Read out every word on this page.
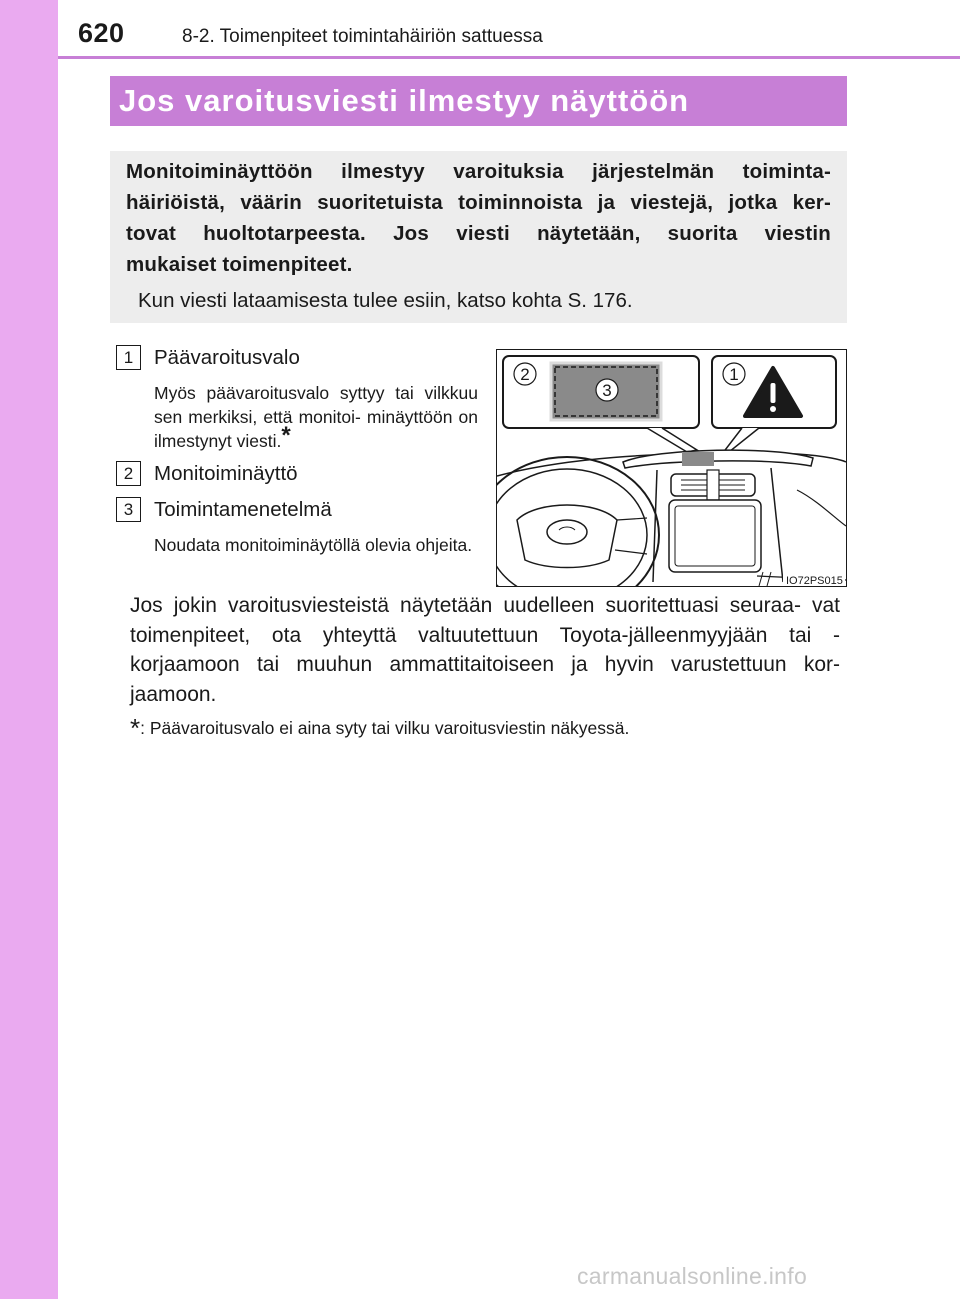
620	8-2. Toimenpiteet toimintahäiriön sattuessa
Jos varoitusviesti ilmestyy näyttöön

Monitoiminäyttöön ilmestyy varoituksia järjestelmän toiminta-
häiriöistä, väärin suoritetuista toiminnoista ja viestejä, jotka ker-
tovat huoltotarpeesta. Jos viesti näytetään, suorita viestin
mukaiset toimenpiteet.

Kun viesti lataamisesta tulee esiin, katso kohta S. 176.

1	Päävaroitusvalo

Myös päävaroitusvalo syttyy tai vilkkuu sen merkiksi, että monitoi- minäyttöön on ilmestynyt viesti.*

2	Monitoiminäyttö
3	Toimintamenetelmä

Noudata monitoiminäytöllä olevia ohjeita.

3
2	1
IO72PS015

Jos jokin varoitusviesteistä näytetään uudelleen suoritettuasi seuraa- vat toimenpiteet, ota yhteyttä valtuutettuun Toyota-jälleenmyyjään tai -korjaamoon tai muuhun ammattitaitoiseen ja hyvin varustettuun kor- jaamoon.

*: Päävaroitusvalo ei aina syty tai vilku varoitusviestin näkyessä.

carmanualsonline.info
